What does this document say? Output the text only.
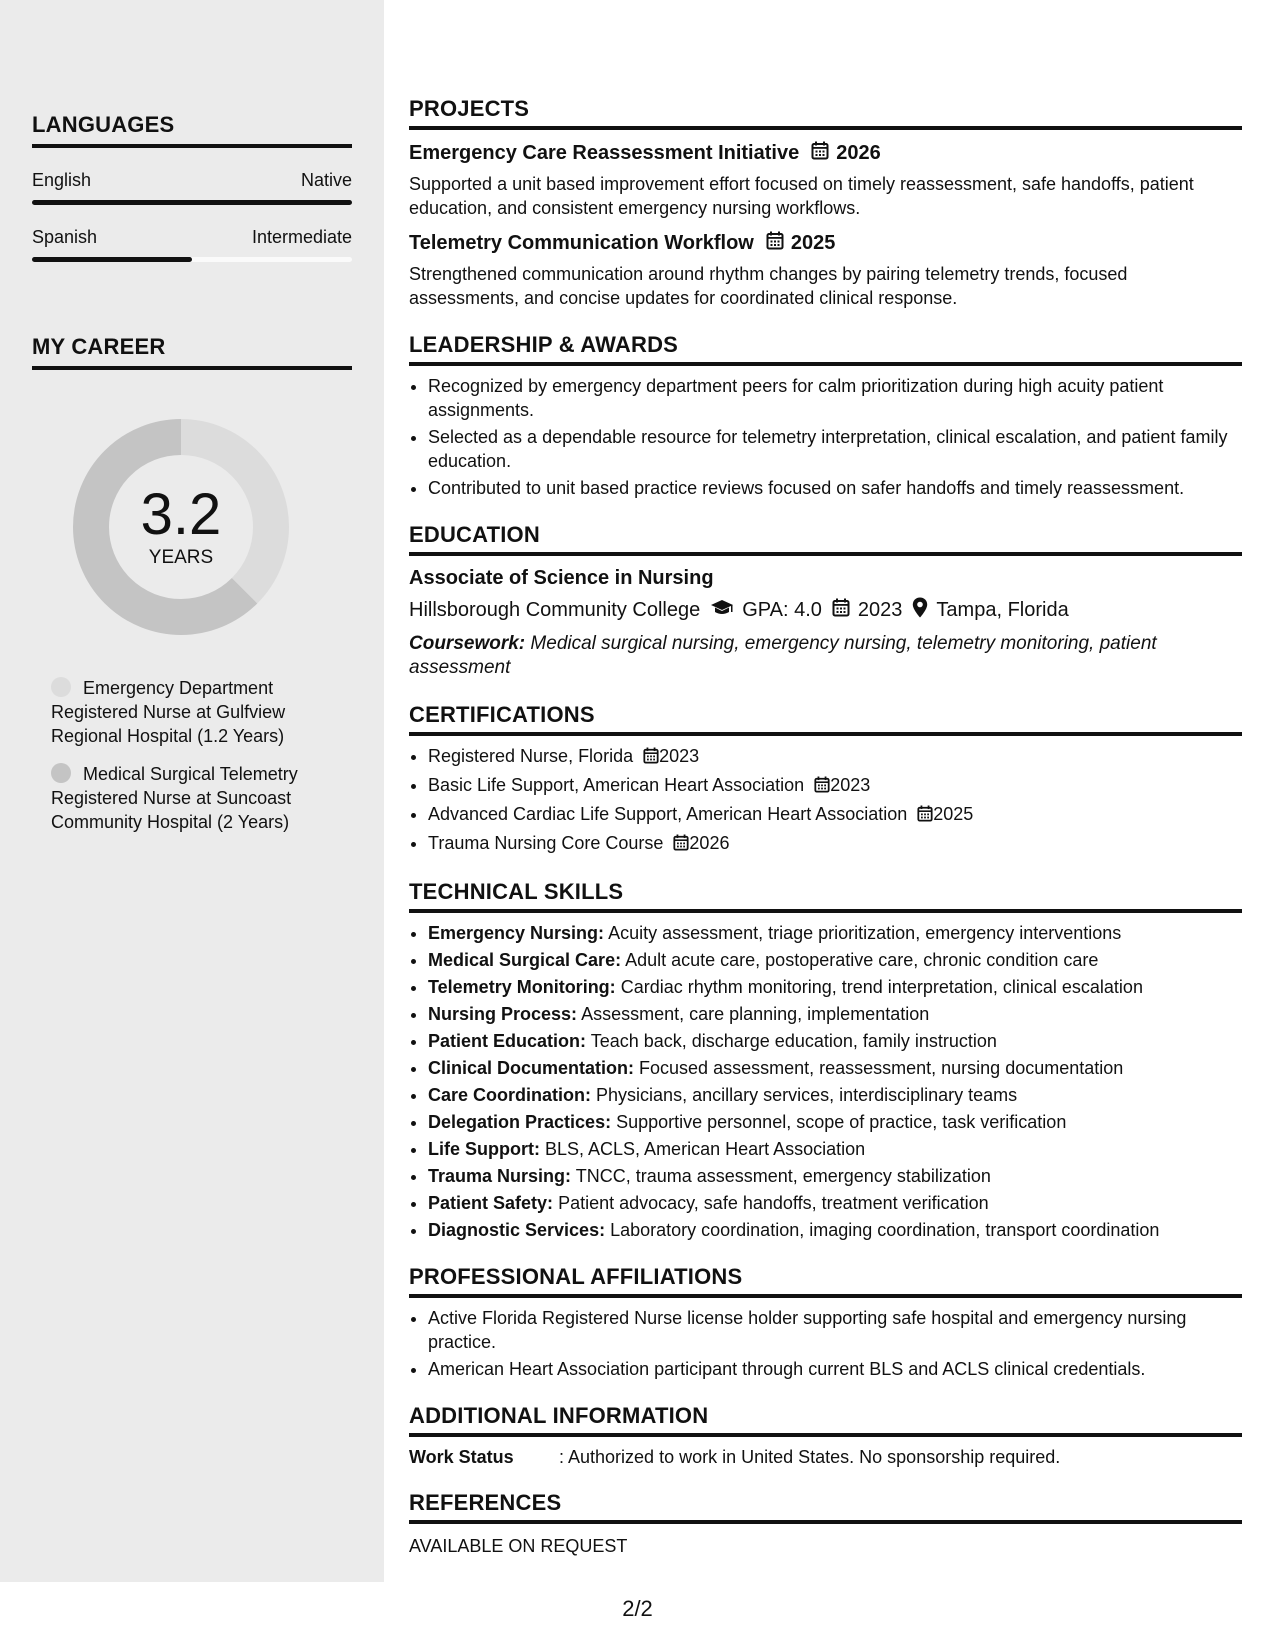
LANGUAGES
English	Native
Spanish	Intermediate
MY CAREER
3.2
YEARS
Emergency Department Registered Nurse at Gulfview Regional Hospital (1.2 Years)
Medical Surgical Telemetry Registered Nurse at Suncoast Community Hospital (2 Years)
PROJECTS
Emergency Care Reassessment Initiative 2026
Supported a unit based improvement effort focused on timely reassessment, safe handoffs, patient education, and consistent emergency nursing workflows.
Telemetry Communication Workflow 2025
Strengthened communication around rhythm changes by pairing telemetry trends, focused assessments, and concise updates for coordinated clinical response.
LEADERSHIP & AWARDS
• Recognized by emergency department peers for calm prioritization during high acuity patient assignments.
• Selected as a dependable resource for telemetry interpretation, clinical escalation, and patient family education.
• Contributed to unit based practice reviews focused on safer handoffs and timely reassessment.
EDUCATION
Associate of Science in Nursing
Hillsborough Community College GPA: 4.0 2023 Tampa, Florida
Coursework: Medical surgical nursing, emergency nursing, telemetry monitoring, patient assessment
CERTIFICATIONS
• Registered Nurse, Florida 2023
• Basic Life Support, American Heart Association 2023
• Advanced Cardiac Life Support, American Heart Association 2025
• Trauma Nursing Core Course 2026
TECHNICAL SKILLS
• Emergency Nursing: Acuity assessment, triage prioritization, emergency interventions
• Medical Surgical Care: Adult acute care, postoperative care, chronic condition care
• Telemetry Monitoring: Cardiac rhythm monitoring, trend interpretation, clinical escalation
• Nursing Process: Assessment, care planning, implementation
• Patient Education: Teach back, discharge education, family instruction
• Clinical Documentation: Focused assessment, reassessment, nursing documentation
• Care Coordination: Physicians, ancillary services, interdisciplinary teams
• Delegation Practices: Supportive personnel, scope of practice, task verification
• Life Support: BLS, ACLS, American Heart Association
• Trauma Nursing: TNCC, trauma assessment, emergency stabilization
• Patient Safety: Patient advocacy, safe handoffs, treatment verification
• Diagnostic Services: Laboratory coordination, imaging coordination, transport coordination
PROFESSIONAL AFFILIATIONS
• Active Florida Registered Nurse license holder supporting safe hospital and emergency nursing practice.
• American Heart Association participant through current BLS and ACLS clinical credentials.
ADDITIONAL INFORMATION
Work Status	: Authorized to work in United States. No sponsorship required.
REFERENCES
AVAILABLE ON REQUEST
2/2
